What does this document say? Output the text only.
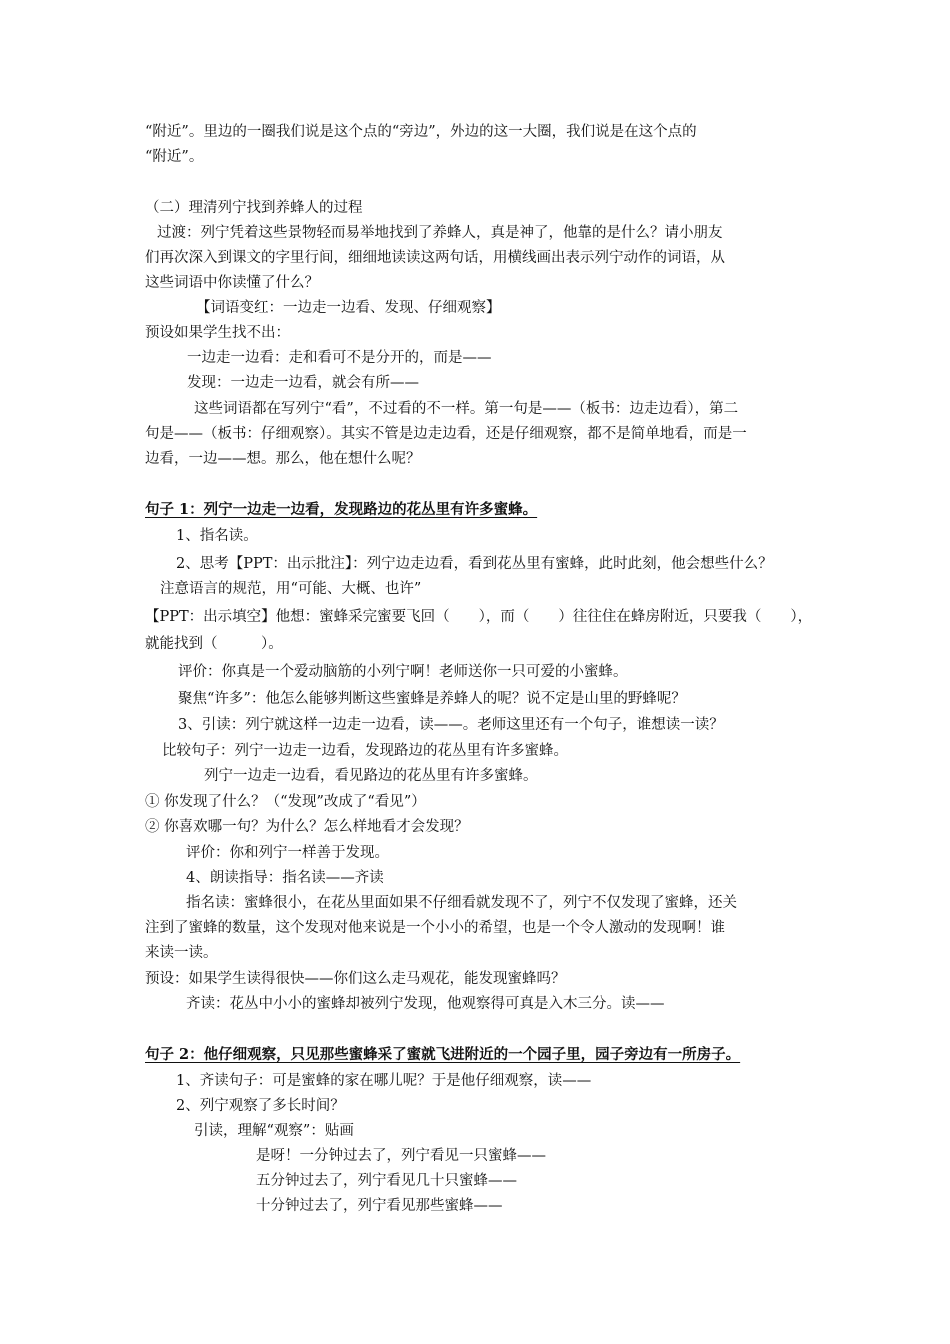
“附近”。里边的一圈我们说是这个点的“旁边”，外边的这一大圈，我们说是在这个点的
“附近”。
（二）理清列宁找到养蜂人的过程
过渡：列宁凭着这些景物轻而易举地找到了养蜂人，真是神了，他靠的是什么？请小朋友
们再次深入到课文的字里行间，细细地读读这两句话，用横线画出表示列宁动作的词语，从
这些词语中你读懂了什么？
【词语变红：一边走一边看、发现、仔细观察】
预设如果学生找不出：
一边走一边看：走和看可不是分开的，而是——
发现：一边走一边看，就会有所——
这些词语都在写列宁“看”，不过看的不一样。第一句是——（板书：边走边看），第二
句是——（板书：仔细观察）。其实不管是边走边看，还是仔细观察，都不是简单地看，而是一
边看，一边——想。那么，他在想什么呢？
句子 1：列宁一边走一边看，发现路边的花丛里有许多蜜蜂。
1、指名读。
2、思考【PPT：出示批注】：列宁边走边看，看到花丛里有蜜蜂，此时此刻，他会想些什么？
注意语言的规范，用“可能、大概、也许”
【PPT：出示填空】他想：蜜蜂采完蜜要飞回（　　），而（　　）往往住在蜂房附近，只要我（　　），
就能找到（　　　）。
评价：你真是一个爱动脑筋的小列宁啊！老师送你一只可爱的小蜜蜂。
聚焦“许多”：他怎么能够判断这些蜜蜂是养蜂人的呢？说不定是山里的野蜂呢？
3、引读：列宁就这样一边走一边看，读——。老师这里还有一个句子，谁想读一读？
比较句子：列宁一边走一边看，发现路边的花丛里有许多蜜蜂。
列宁一边走一边看，看见路边的花丛里有许多蜜蜂。
① 你发现了什么？（“发现”改成了“看见”）
② 你喜欢哪一句？为什么？怎么样地看才会发现？
评价：你和列宁一样善于发现。
4、朗读指导：指名读——齐读
指名读：蜜蜂很小，在花丛里面如果不仔细看就发现不了，列宁不仅发现了蜜蜂，还关
注到了蜜蜂的数量，这个发现对他来说是一个小小的希望，也是一个令人激动的发现啊！谁
来读一读。
预设：如果学生读得很快——你们这么走马观花，能发现蜜蜂吗？
齐读：花丛中小小的蜜蜂却被列宁发现，他观察得可真是入木三分。读——
句子 2：他仔细观察，只见那些蜜蜂采了蜜就飞进附近的一个园子里，园子旁边有一所房子。
1、齐读句子：可是蜜蜂的家在哪儿呢？于是他仔细观察，读——
2、列宁观察了多长时间？
引读，理解“观察”：贴画
是呀！一分钟过去了，列宁看见一只蜜蜂——
五分钟过去了，列宁看见几十只蜜蜂——
十分钟过去了，列宁看见那些蜜蜂——
